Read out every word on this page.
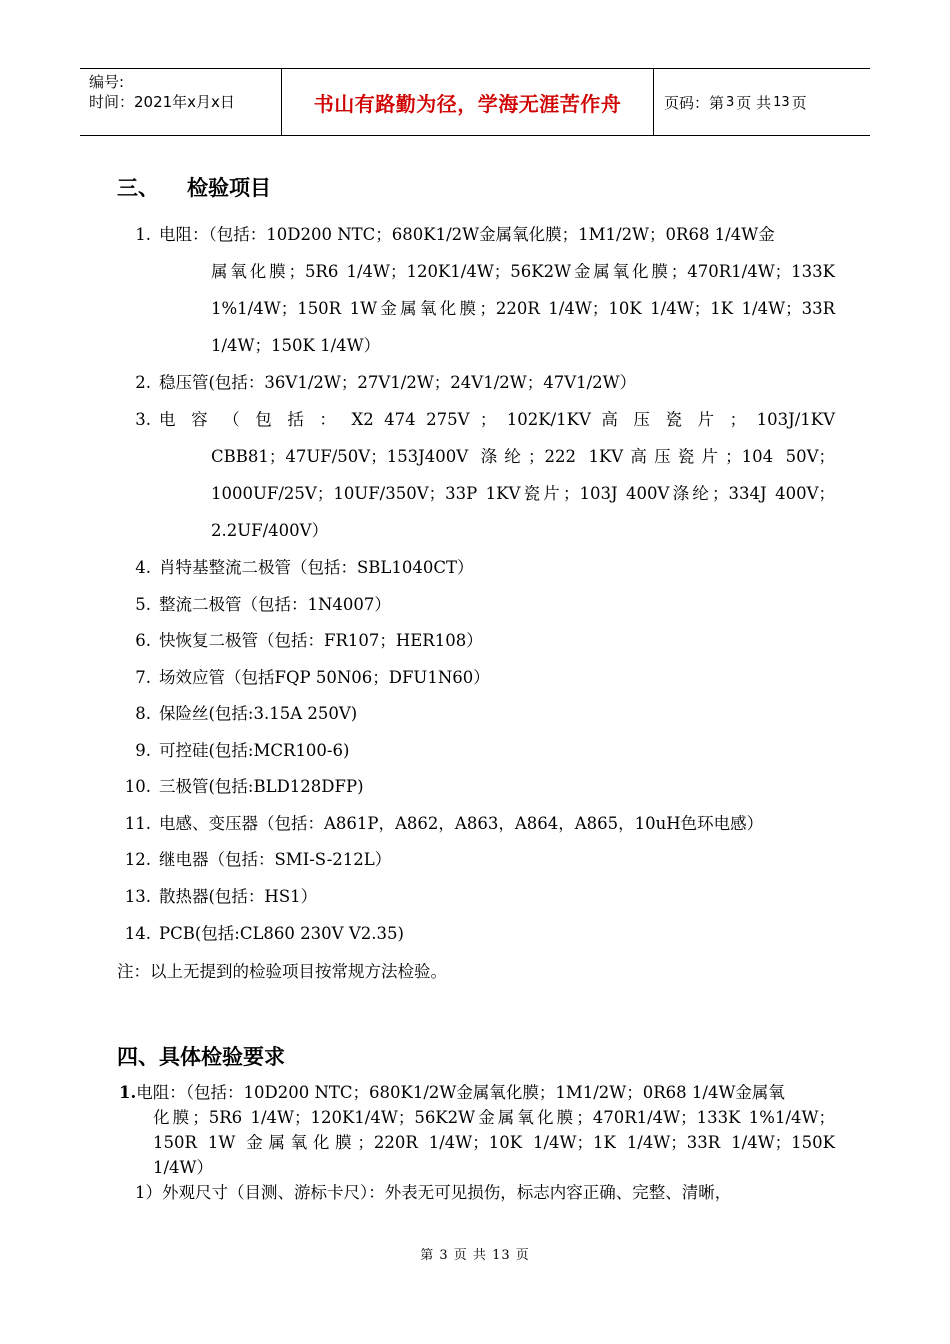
编号:
时间：2021年x月x日	书山有路勤为径，学海无涯苦作舟	页码：第 3 页 共 13 页
三、 检验项目
1. 电阻：（包括：10D200 NTC；680K1/2W金属氧化膜；1M1/2W；0R68 1/4W金
属氧化膜；5R6 1/4W；120K1/4W；56K2W金属氧化膜；470R1/4W；133K
1%1/4W；150R 1W金属氧化膜；220R 1/4W；10K 1/4W；1K 1/4W；33R
1/4W；150K 1/4W）
2. 稳压管(包括：36V1/2W；27V1/2W；24V1/2W；47V1/2W）
3. 电 容 （ 包 括 ： X2 474 275V ； 102K/1KV 高 压 瓷 片 ； 103J/1KV
CBB81；47UF/50V；153J400V 涤纶；222 1KV高压瓷片；104 50V；
1000UF/25V；10UF/350V；33P 1KV瓷片；103J 400V涤纶；334J 400V；
2.2UF/400V）
4. 肖特基整流二极管（包括：SBL1040CT）
5. 整流二极管（包括：1N4007）
6. 快恢复二极管（包括：FR107；HER108）
7. 场效应管（包括FQP 50N06；DFU1N60）
8. 保险丝(包括:3.15A 250V)
9. 可控硅(包括:MCR100-6)
10. 三极管(包括:BLD128DFP)
11. 电感、变压器（包括：A861P，A862，A863，A864，A865，10uH色环电感）
12. 继电器（包括：SMI-S-212L）
13. 散热器(包括：HS1）
14. PCB(包括:CL860 230V V2.35)
注：以上无提到的检验项目按常规方法检验。
四、具体检验要求
1.电阻：（包括：10D200 NTC；680K1/2W金属氧化膜；1M1/2W；0R68 1/4W金属氧
化膜；5R6 1/4W；120K1/4W；56K2W金属氧化膜；470R1/4W；133K 1%1/4W；
150R 1W 金属氧化膜；220R 1/4W；10K 1/4W；1K 1/4W；33R 1/4W；150K
1/4W）
1）外观尺寸（目测、游标卡尺）：外表无可见损伤，标志内容正确、完整、清晰，
第 3 页 共 13 页
